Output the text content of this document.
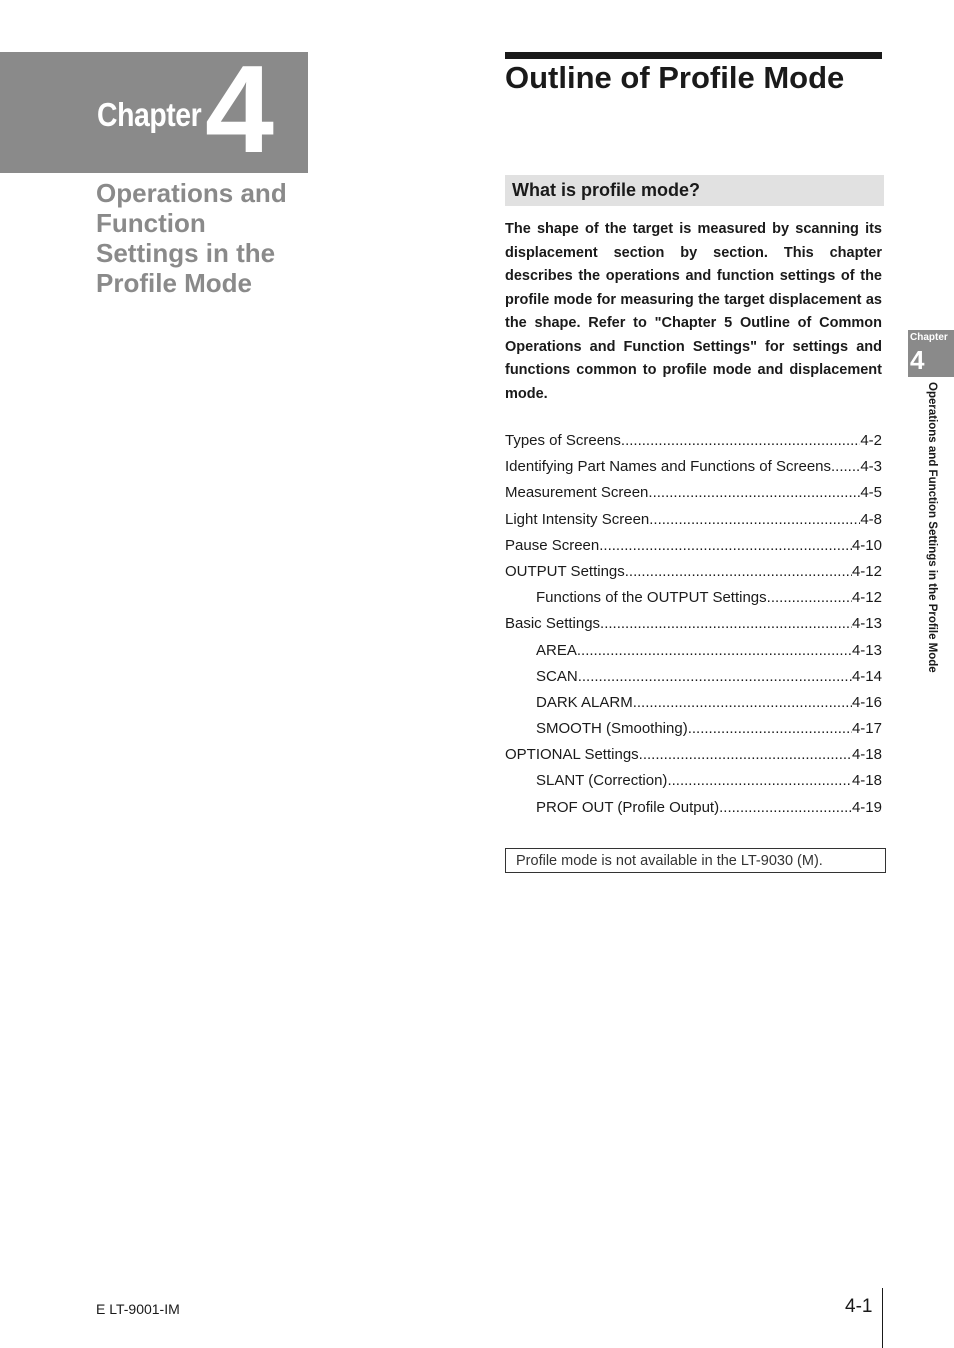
Chapter 4
Operations and Function Settings in the Profile Mode
Outline of Profile Mode
What is profile mode?

The shape of the target is measured by scanning its displacement section by section. This chapter describes the operations and function settings of the profile mode for measuring the target displacement as the shape. Refer to "Chapter 5 Outline of Common Operations and Function Settings" for settings and functions common to profile mode and displacement mode.

Types of Screens .....	4-2
Identifying Part Names and Functions of Screens ..... 4-3
Measurement Screen .....	4-5
Light Intensity Screen .....	4-8
Pause Screen .....	4-10
OUTPUT Settings .....	4-12
Functions of the OUTPUT Settings .....	4-12
Basic Settings .....	4-13
AREA .....	4-13
SCAN .....	4-14
DARK ALARM .....	4-16
SMOOTH (Smoothing) .....	4-17
OPTIONAL Settings .....	4-18
SLANT (Correction) .....	4-18
PROF OUT (Profile Output) .....	4-19
Profile mode is not available in the LT-9030 (M).
Chapter
4
Operations and Function Settings in the Profile Mode
E LT-9001-IM	4-1
